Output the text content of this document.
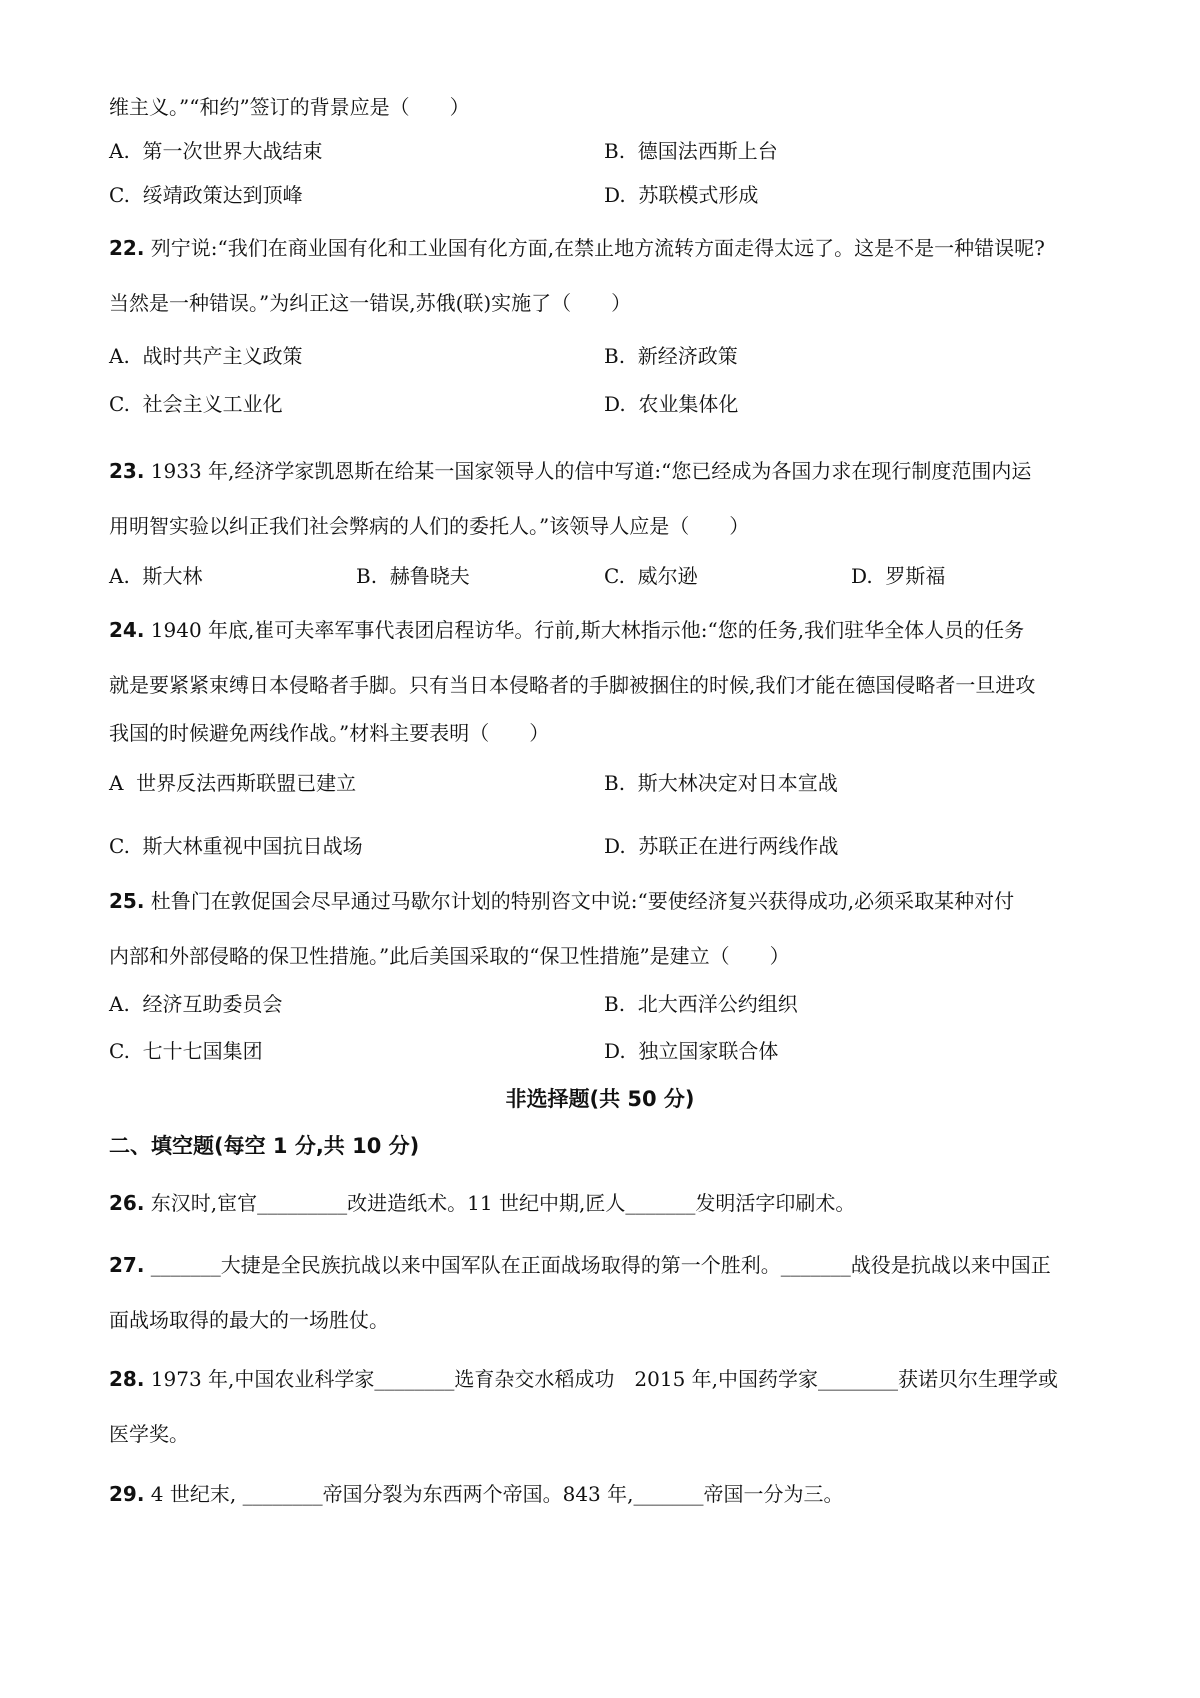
维主义。”“和约”签订的背景应是（　　）
A. 第一次世界大战结束	B. 德国法西斯上台
C. 绥靖政策达到顶峰	D. 苏联模式形成
22. 列宁说:“我们在商业国有化和工业国有化方面,在禁止地方流转方面走得太远了。这是不是一种错误呢?
当然是一种错误。”为纠正这一错误,苏俄(联)实施了（　　）
A. 战时共产主义政策	B. 新经济政策
C. 社会主义工业化	D. 农业集体化
23. 1933 年,经济学家凯恩斯在给某一国家领导人的信中写道:“您已经成为各国力求在现行制度范围内运
用明智实验以纠正我们社会弊病的人们的委托人。”该领导人应是（　　）
A. 斯大林	B. 赫鲁晓夫	C. 威尔逊	D. 罗斯福
24. 1940 年底,崔可夫率军事代表团启程访华。行前,斯大林指示他:“您的任务,我们驻华全体人员的任务
就是要紧紧束缚日本侵略者手脚。只有当日本侵略者的手脚被捆住的时候,我们才能在德国侵略者一旦进攻
我国的时候避免两线作战。”材料主要表明（　　）
A 世界反法西斯联盟已建立	B. 斯大林决定对日本宣战
C. 斯大林重视中国抗日战场	D. 苏联正在进行两线作战
25. 杜鲁门在敦促国会尽早通过马歇尔计划的特别咨文中说:“要使经济复兴获得成功,必须采取某种对付
内部和外部侵略的保卫性措施。”此后美国采取的“保卫性措施”是建立（　　）
A. 经济互助委员会	B. 北大西洋公约组织
C. 七十七国集团	D. 独立国家联合体
非选择题(共 50 分)
二、填空题(每空 1 分,共 10 分)
26. 东汉时,宦官_________改进造纸术。11 世纪中期,匠人_______发明活字印刷术。
27. _______大捷是全民族抗战以来中国军队在正面战场取得的第一个胜利。_______战役是抗战以来中国正
面战场取得的最大的一场胜仗。
28. 1973 年,中国农业科学家________选育杂交水稻成功　2015 年,中国药学家________获诺贝尔生理学或
医学奖。
29. 4 世纪末, ________帝国分裂为东西两个帝国。843 年,_______帝国一分为三。
